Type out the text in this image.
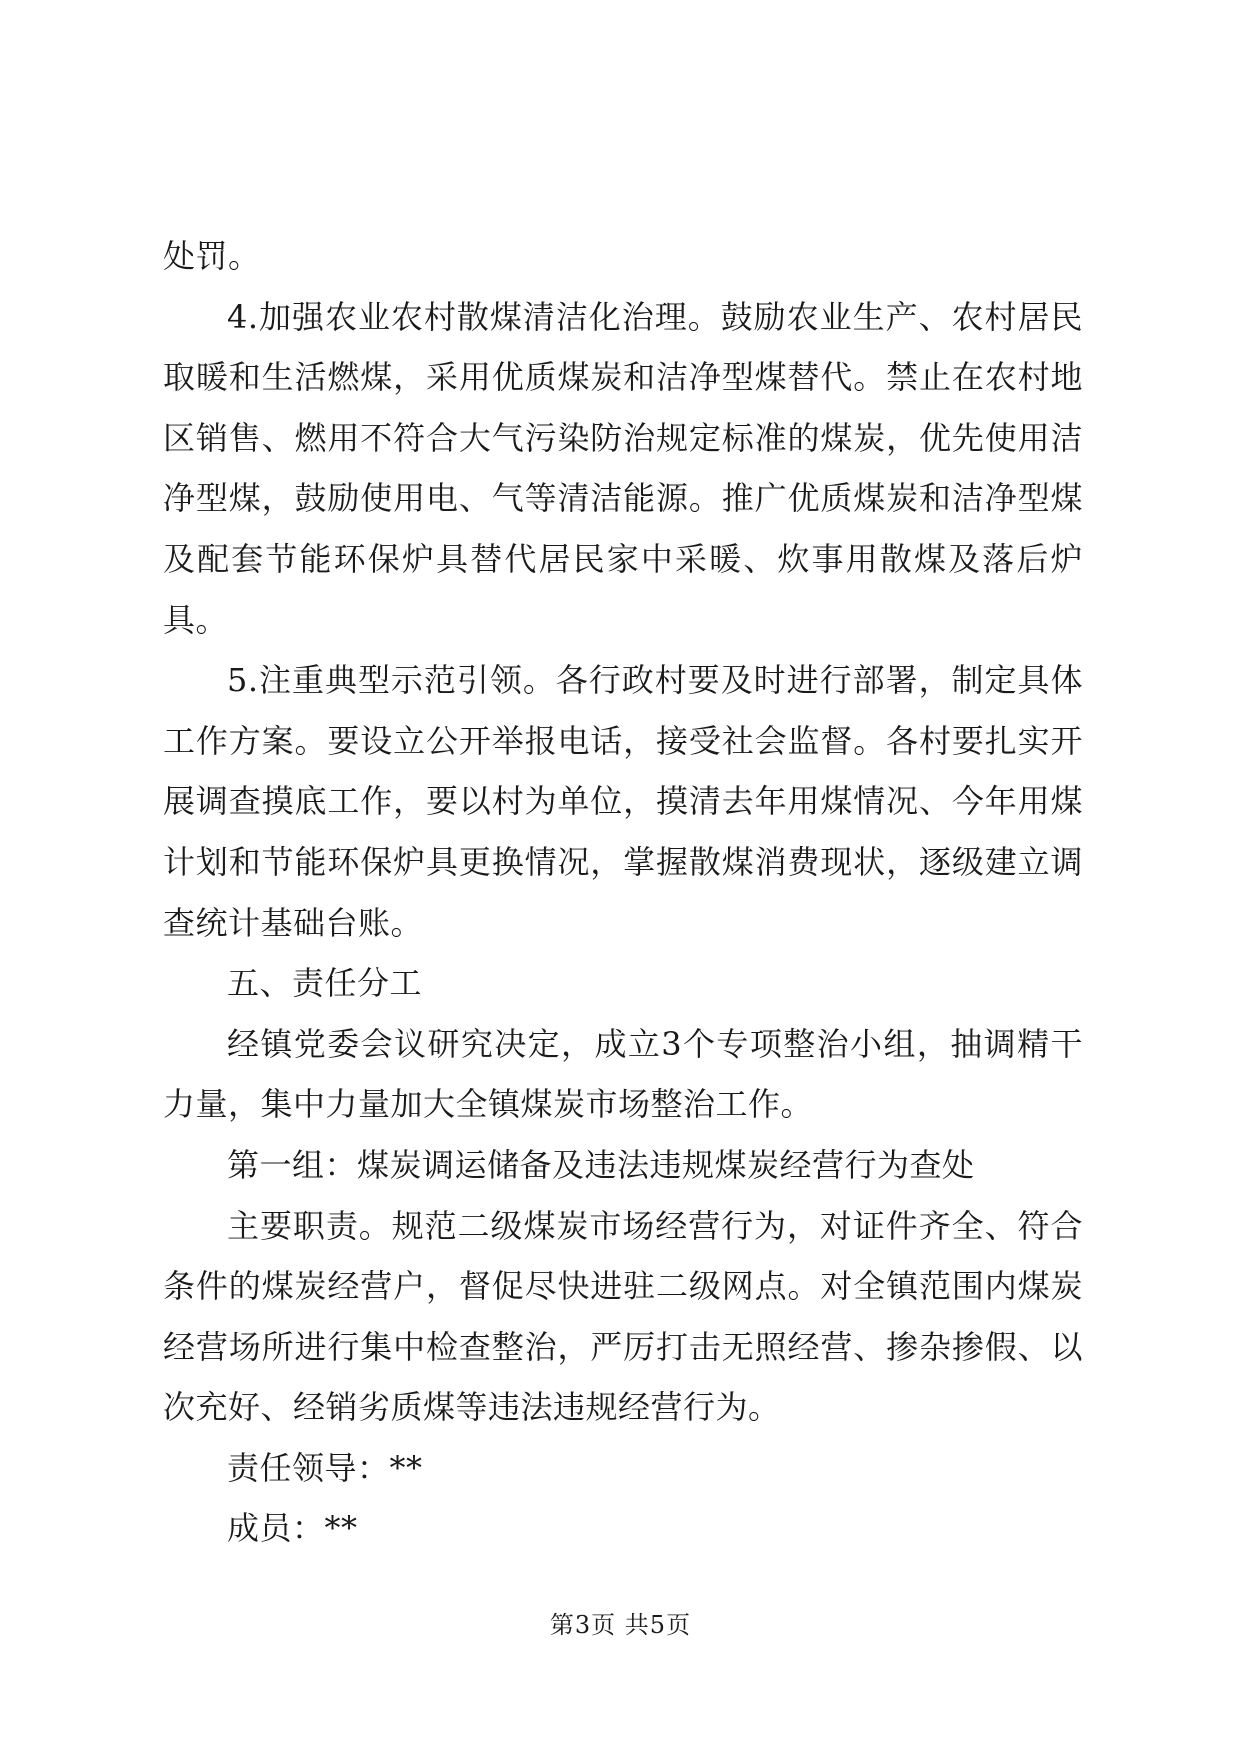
处罚。

4.加强农业农村散煤清洁化治理。鼓励农业生产、农村居民取暖和生活燃煤，采用优质煤炭和洁净型煤替代。禁止在农村地区销售、燃用不符合大气污染防治规定标准的煤炭，优先使用洁净型煤，鼓励使用电、气等清洁能源。推广优质煤炭和洁净型煤及配套节能环保炉具替代居民家中采暖、炊事用散煤及落后炉具。

5.注重典型示范引领。各行政村要及时进行部署，制定具体工作方案。要设立公开举报电话，接受社会监督。各村要扎实开展调查摸底工作，要以村为单位，摸清去年用煤情况、今年用煤计划和节能环保炉具更换情况，掌握散煤消费现状，逐级建立调查统计基础台账。

五、责任分工

经镇党委会议研究决定，成立3个专项整治小组，抽调精干力量，集中力量加大全镇煤炭市场整治工作。

第一组：煤炭调运储备及违法违规煤炭经营行为查处

主要职责。规范二级煤炭市场经营行为，对证件齐全、符合条件的煤炭经营户，督促尽快进驻二级网点。对全镇范围内煤炭经营场所进行集中检查整治，严厉打击无照经营、掺杂掺假、以次充好、经销劣质煤等违法违规经营行为。

责任领导：**

成员：**

第3页 共5页
